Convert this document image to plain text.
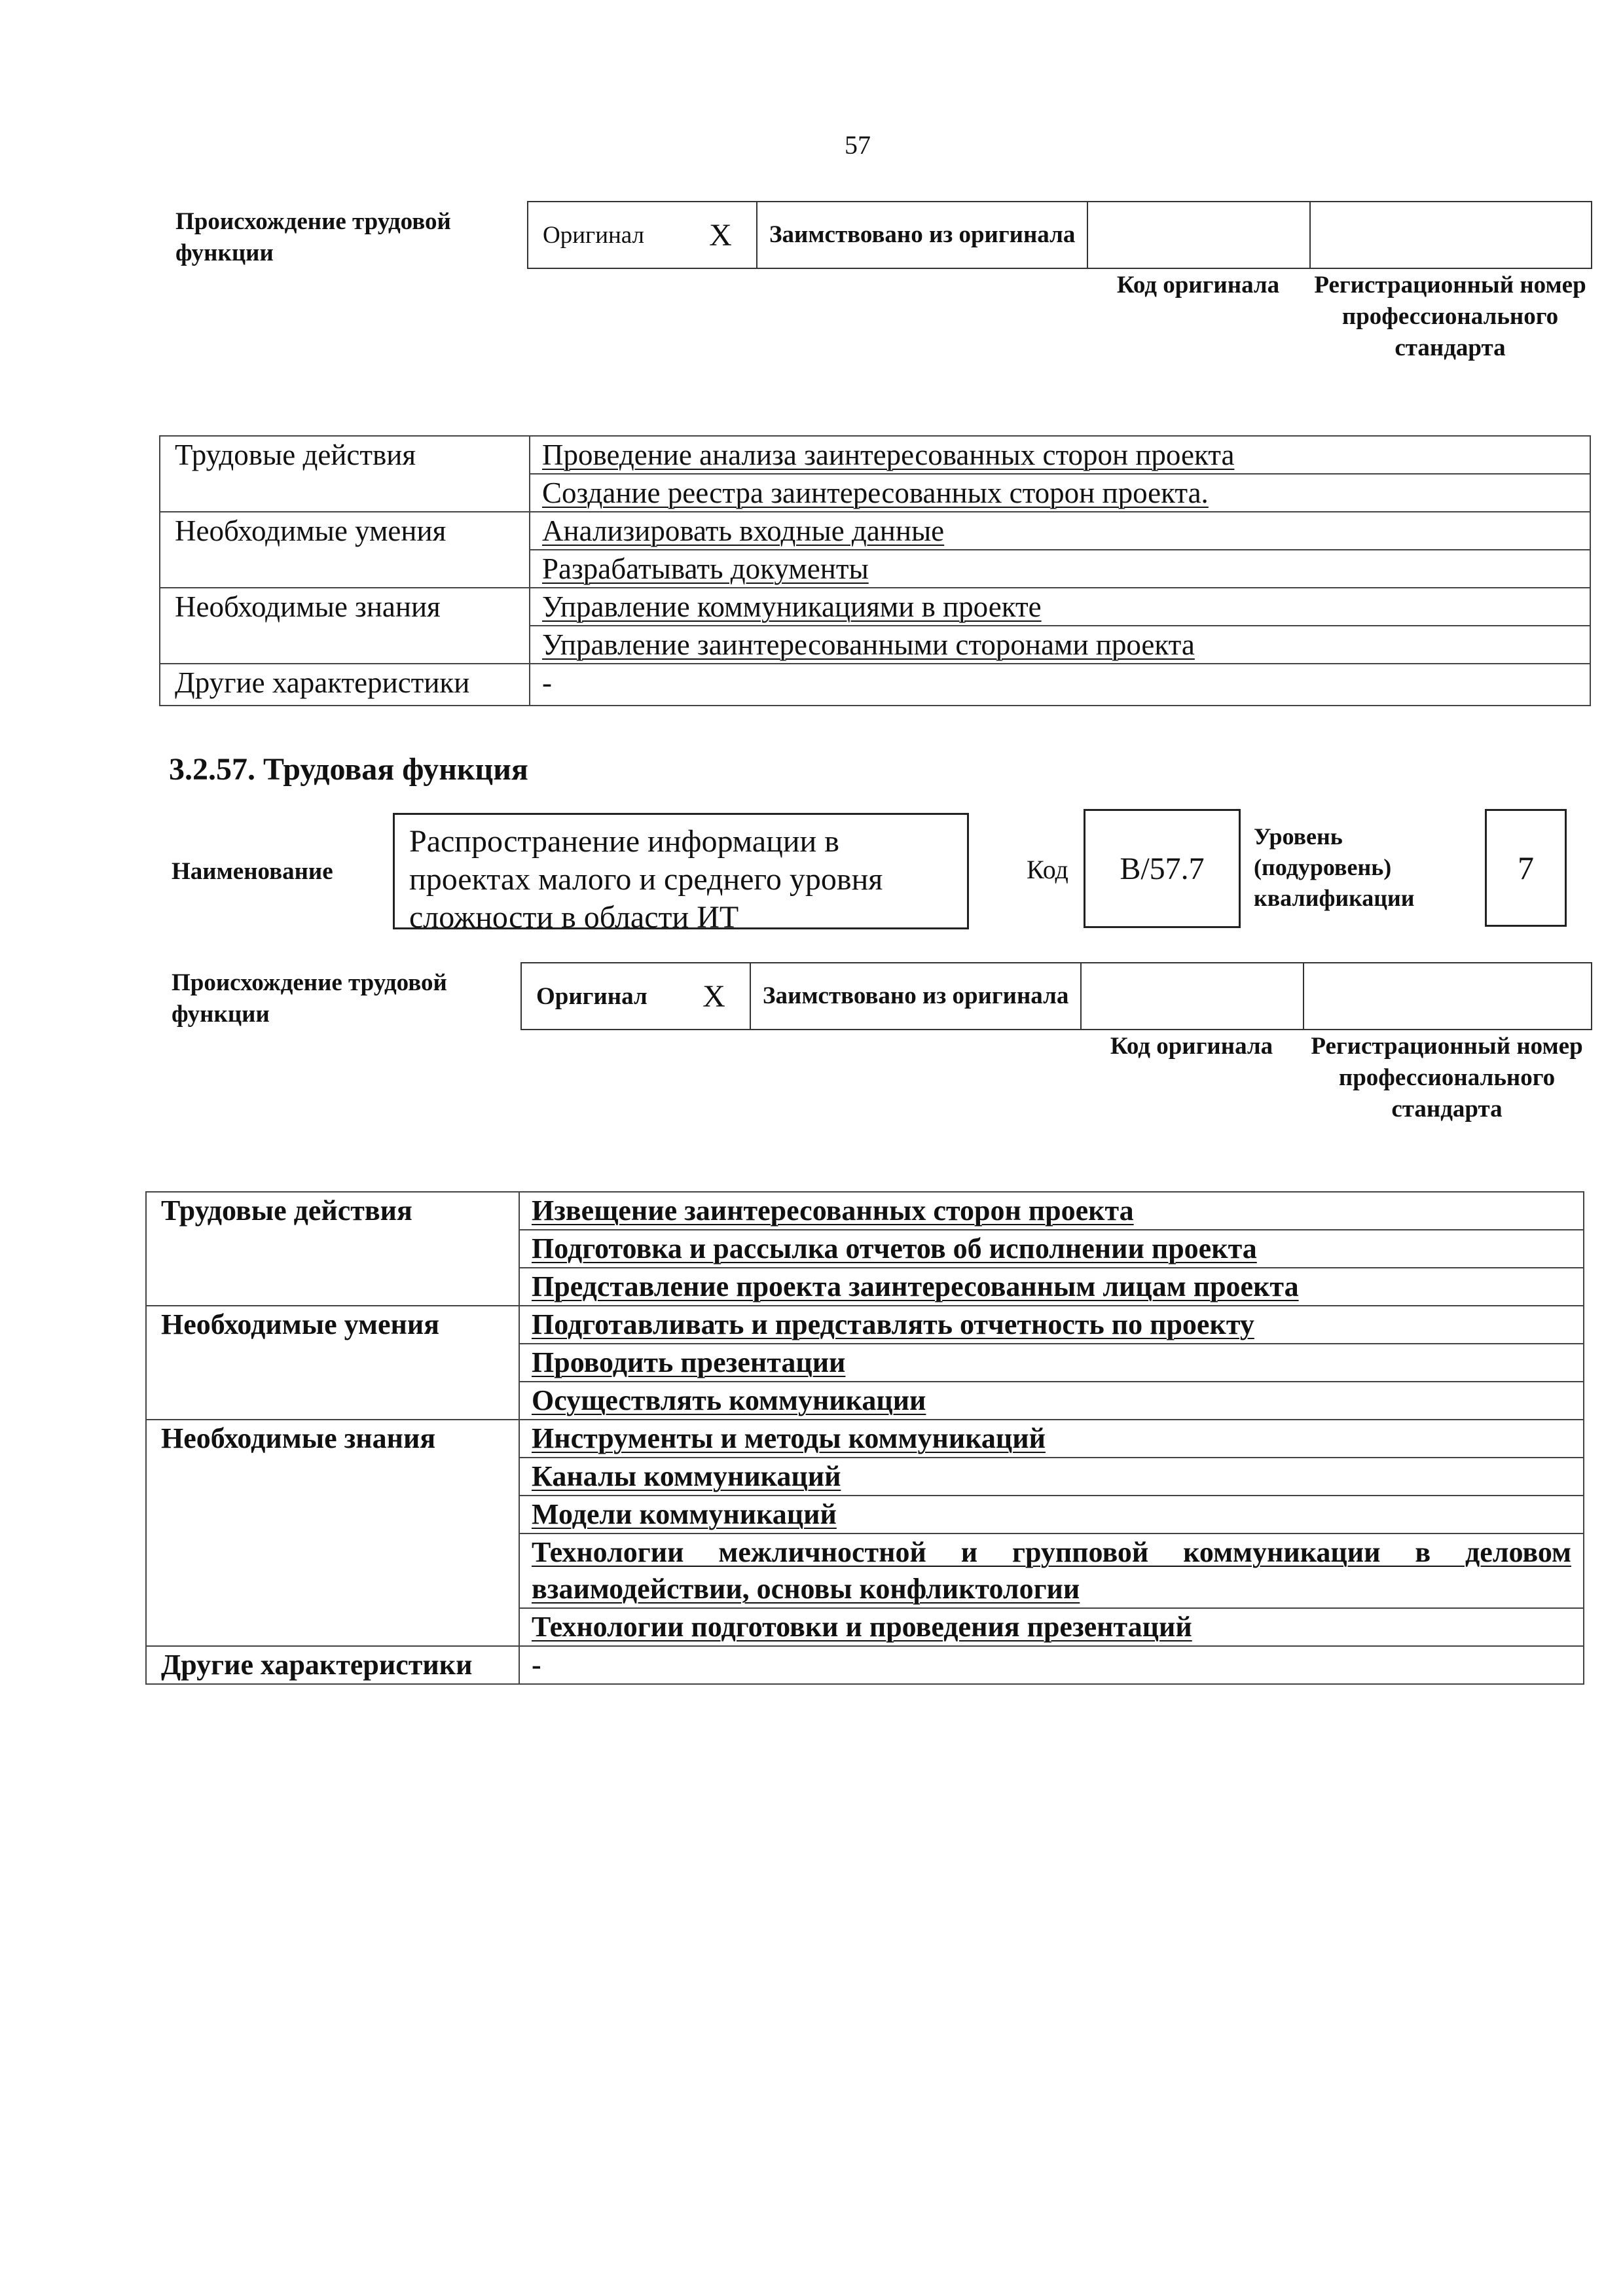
57
Происхождение трудовой функции
Оригинал	X	Заимствовано из оригинала		
Код оригинала	Регистрационный номер профессионального стандарта
Трудовые действия	Проведение анализа заинтересованных сторон проекта
	Создание реестра заинтересованных сторон проекта.
Необходимые умения	Анализировать входные данные
	Разрабатывать документы
Необходимые знания	Управление коммуникациями в проекте
	Управление заинтересованными сторонами проекта
Другие характеристики	-
3.2.57. Трудовая функция
Наименование
Распространение информации в проектах малого и среднего уровня сложности в области ИТ
Код	B/57.7
Уровень (подуровень) квалификации
7
Происхождение трудовой функции
Оригинал	X	Заимствовано из оригинала		
Код оригинала	Регистрационный номер профессионального стандарта
Трудовые действия	Извещение заинтересованных сторон проекта
	Подготовка и рассылка отчетов об исполнении проекта
	Представление проекта заинтересованным лицам проекта
Необходимые умения	Подготавливать и представлять отчетность по проекту
	Проводить презентации
	Осуществлять коммуникации
Необходимые знания	Инструменты и методы коммуникаций
	Каналы коммуникаций
	Модели коммуникаций
	Технологии межличностной и групповой коммуникации в деловом взаимодействии, основы конфликтологии
	Технологии подготовки и проведения презентаций
Другие характеристики	-
